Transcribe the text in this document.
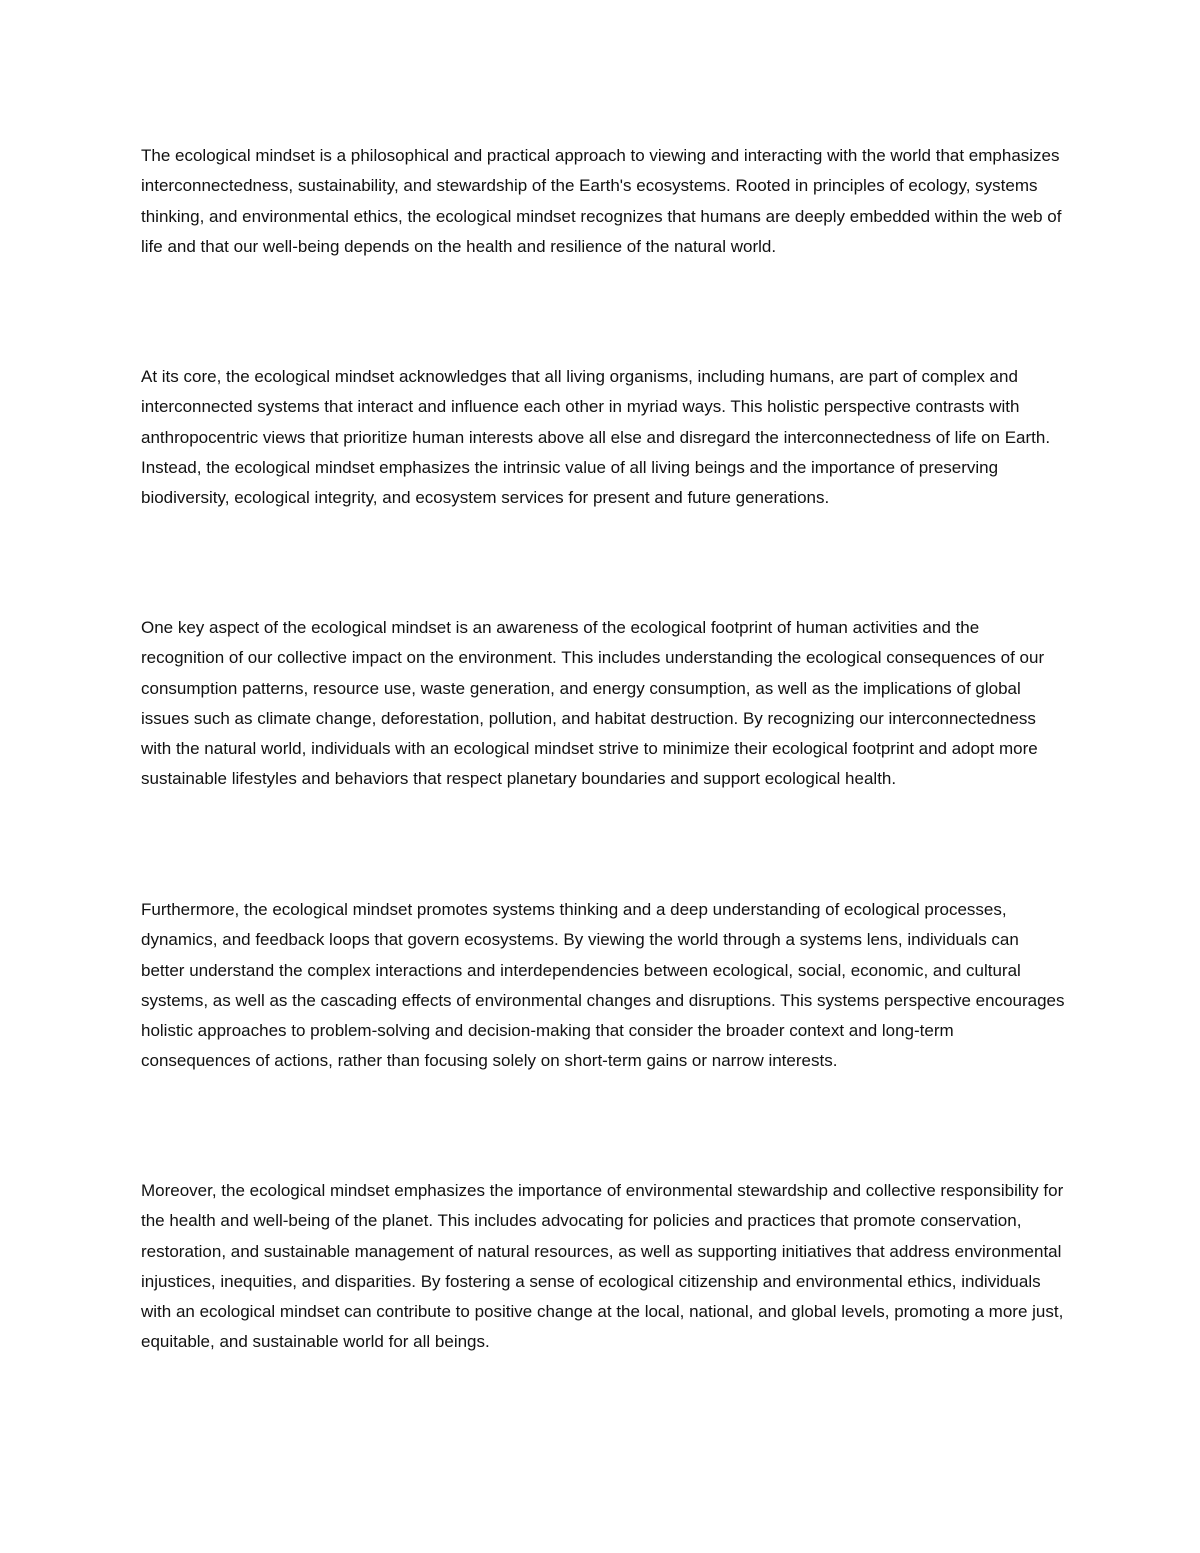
The ecological mindset is a philosophical and practical approach to viewing and interacting with the world that emphasizes interconnectedness, sustainability, and stewardship of the Earth's ecosystems. Rooted in principles of ecology, systems thinking, and environmental ethics, the ecological mindset recognizes that humans are deeply embedded within the web of life and that our well-being depends on the health and resilience of the natural world.

At its core, the ecological mindset acknowledges that all living organisms, including humans, are part of complex and interconnected systems that interact and influence each other in myriad ways. This holistic perspective contrasts with anthropocentric views that prioritize human interests above all else and disregard the interconnectedness of life on Earth. Instead, the ecological mindset emphasizes the intrinsic value of all living beings and the importance of preserving biodiversity, ecological integrity, and ecosystem services for present and future generations.

One key aspect of the ecological mindset is an awareness of the ecological footprint of human activities and the recognition of our collective impact on the environment. This includes understanding the ecological consequences of our consumption patterns, resource use, waste generation, and energy consumption, as well as the implications of global issues such as climate change, deforestation, pollution, and habitat destruction. By recognizing our interconnectedness with the natural world, individuals with an ecological mindset strive to minimize their ecological footprint and adopt more sustainable lifestyles and behaviors that respect planetary boundaries and support ecological health.

Furthermore, the ecological mindset promotes systems thinking and a deep understanding of ecological processes, dynamics, and feedback loops that govern ecosystems. By viewing the world through a systems lens, individuals can better understand the complex interactions and interdependencies between ecological, social, economic, and cultural systems, as well as the cascading effects of environmental changes and disruptions. This systems perspective encourages holistic approaches to problem-solving and decision-making that consider the broader context and long-term consequences of actions, rather than focusing solely on short-term gains or narrow interests.

Moreover, the ecological mindset emphasizes the importance of environmental stewardship and collective responsibility for the health and well-being of the planet. This includes advocating for policies and practices that promote conservation, restoration, and sustainable management of natural resources, as well as supporting initiatives that address environmental injustices, inequities, and disparities. By fostering a sense of ecological citizenship and environmental ethics, individuals with an ecological mindset can contribute to positive change at the local, national, and global levels, promoting a more just, equitable, and sustainable world for all beings.
